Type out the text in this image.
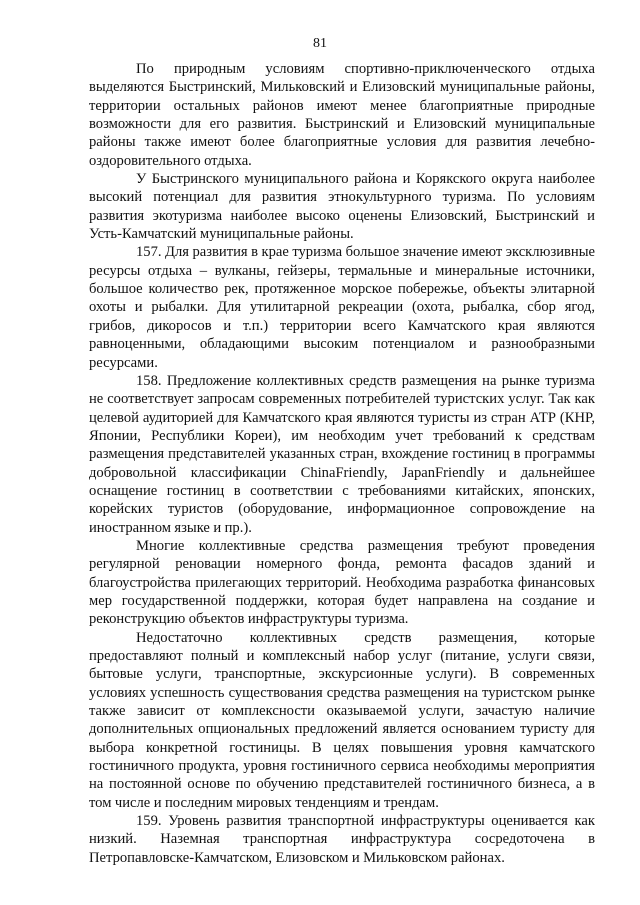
81

По природным условиям спортивно-приключенческого отдыха выделяются Быстринский, Мильковский и Елизовский муниципальные районы, территории остальных районов имеют менее благоприятные природные возможности для его развития. Быстринский и Елизовский муниципальные районы также имеют более благоприятные условия для развития лечебно-оздоровительного отдыха.

У Быстринского муниципального района и Корякского округа наиболее высокий потенциал для развития этнокультурного туризма. По условиям развития экотуризма наиболее высоко оценены Елизовский, Быстринский и Усть-Камчатский муниципальные районы.

157. Для развития в крае туризма большое значение имеют эксклюзивные ресурсы отдыха – вулканы, гейзеры, термальные и минеральные источники, большое количество рек, протяженное морское побережье, объекты элитарной охоты и рыбалки. Для утилитарной рекреации (охота, рыбалка, сбор ягод, грибов, дикоросов и т.п.) территории всего Камчатского края являются равноценными, обладающими высоким потенциалом и разнообразными ресурсами.

158. Предложение коллективных средств размещения на рынке туризма не соответствует запросам современных потребителей туристских услуг. Так как целевой аудиторией для Камчатского края являются туристы из стран АТР (КНР, Японии, Республики Кореи), им необходим учет требований к средствам размещения представителей указанных стран, вхождение гостиниц в программы добровольной классификации ChinaFriendly, JapanFriendly и дальнейшее оснащение гостиниц в соответствии с требованиями китайских, японских, корейских туристов (оборудование, информационное сопровождение на иностранном языке и пр.).

Многие коллективные средства размещения требуют проведения регулярной реновации номерного фонда, ремонта фасадов зданий и благоустройства прилегающих территорий. Необходима разработка финансовых мер государственной поддержки, которая будет направлена на создание и реконструкцию объектов инфраструктуры туризма.

Недостаточно коллективных средств размещения, которые предоставляют полный и комплексный набор услуг (питание, услуги связи, бытовые услуги, транспортные, экскурсионные услуги). В современных условиях успешность существования средства размещения на туристском рынке также зависит от комплексности оказываемой услуги, зачастую наличие дополнительных опциональных предложений является основанием туристу для выбора конкретной гостиницы. В целях повышения уровня камчатского гостиничного продукта, уровня гостиничного сервиса необходимы мероприятия на постоянной основе по обучению представителей гостиничного бизнеса, а в том числе и последним мировых тенденциям и трендам.

159. Уровень развития транспортной инфраструктуры оценивается как низкий. Наземная транспортная инфраструктура сосредоточена в Петропавловске-Камчатском, Елизовском и Мильковском районах.
